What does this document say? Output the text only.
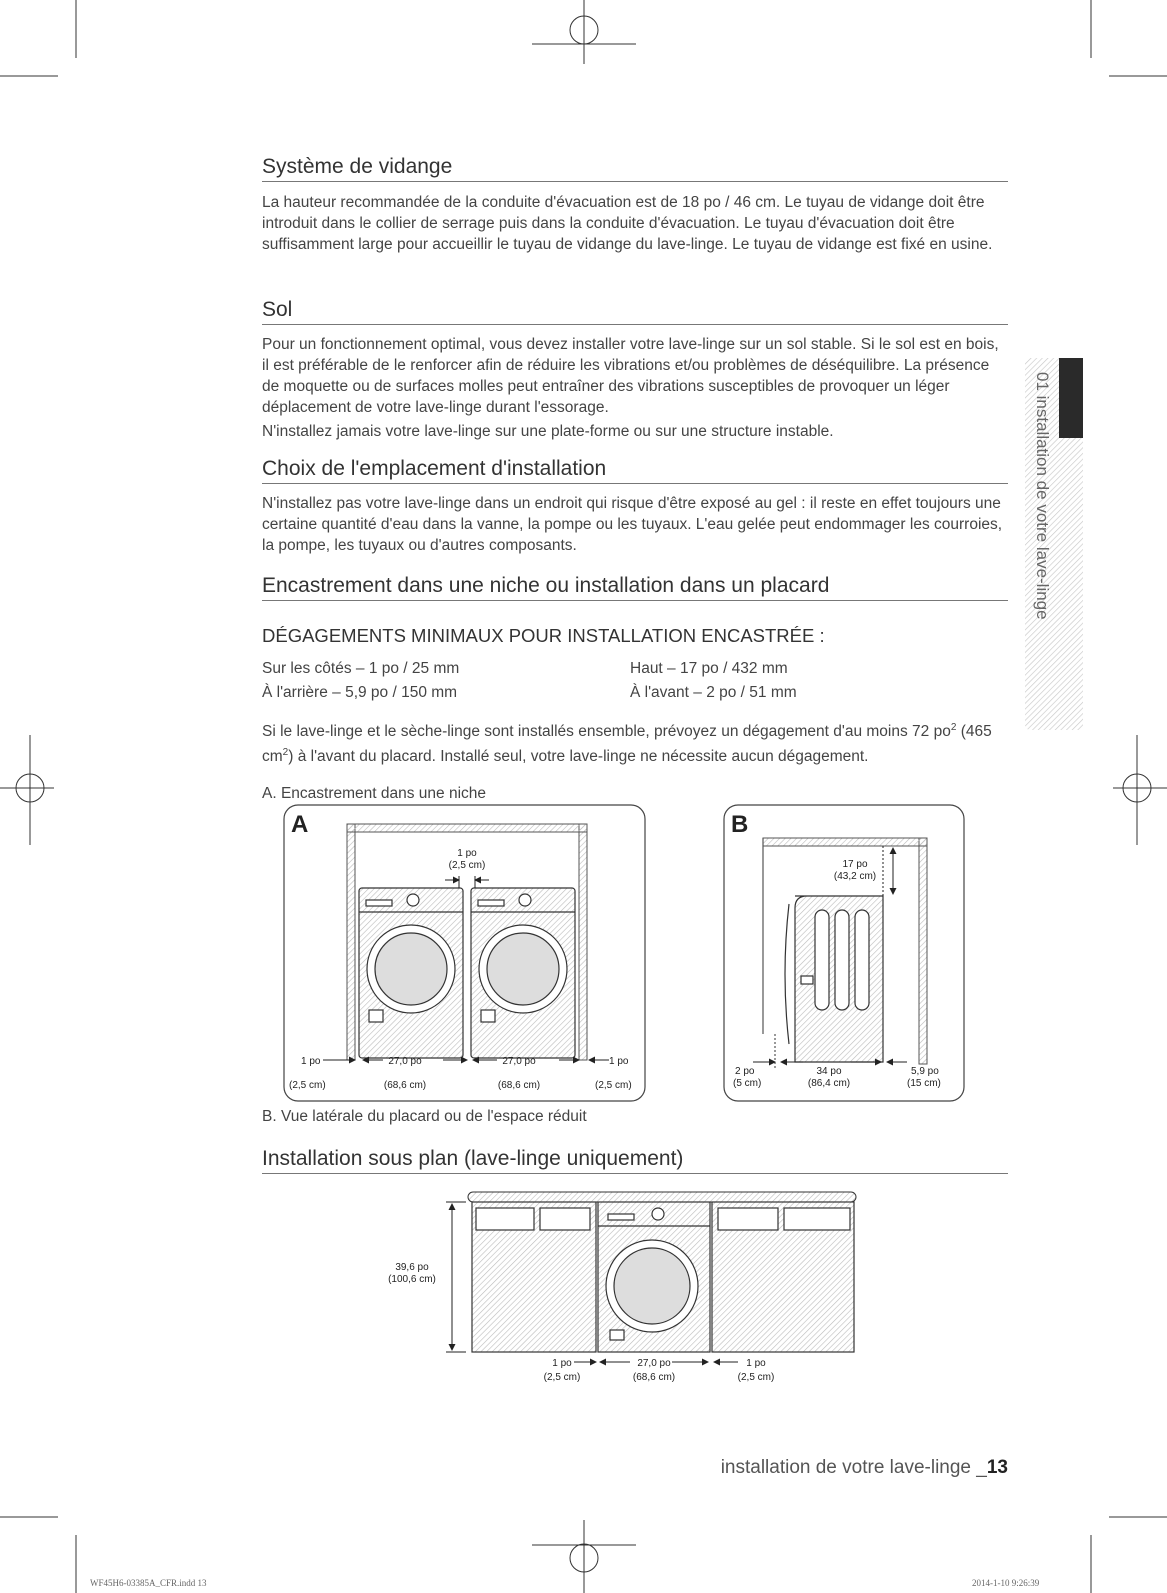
Système de vidange

La hauteur recommandée de la conduite d'évacuation est de 18 po / 46 cm. Le tuyau de vidange doit être introduit dans le collier de serrage puis dans la conduite d'évacuation. Le tuyau d'évacuation doit être suffisamment large pour accueillir le tuyau de vidange du lave-linge. Le tuyau de vidange est fixé en usine.

Sol

Pour un fonctionnement optimal, vous devez installer votre lave-linge sur un sol stable. Si le sol est en bois, il est préférable de le renforcer afin de réduire les vibrations et/ou problèmes de déséquilibre. La présence de moquette ou de surfaces molles peut entraîner des vibrations susceptibles de provoquer un léger déplacement de votre lave-linge durant l'essorage.

N'installez jamais votre lave-linge sur une plate-forme ou sur une structure instable.

Choix de l'emplacement d'installation

N'installez pas votre lave-linge dans un endroit qui risque d'être exposé au gel : il reste en effet toujours une certaine quantité d'eau dans la vanne, la pompe ou les tuyaux. L'eau gelée peut endommager les courroies, la pompe, les tuyaux ou d'autres composants.

Encastrement dans une niche ou installation dans un placard
DÉGAGEMENTS MINIMAUX POUR INSTALLATION ENCASTRÉE :
Sur les côtés – 1 po / 25 mm
À l'arrière – 5,9 po / 150 mm
Haut – 17 po / 432 mm
À l'avant – 2 po / 51 mm

Si le lave-linge et le sèche-linge sont installés ensemble, prévoyez un dégagement d'au moins 72 $po^2$ (465 $cm^2$) à l'avant du placard. Installé seul, votre lave-linge ne nécessite aucun dégagement.

A. Encastrement dans une niche
A
1 po
(2,5 cm)
1 po
(2,5 cm)
27,0 po
(68,6 cm)
27,0 po
(68,6 cm)
1 po
(2,5 cm)
B
17 po
(43,2 cm)
2 po
(5 cm)
34 po
(86,4 cm)
5,9 po
(15 cm)
B. Vue latérale du placard ou de l'espace réduit
Installation sous plan (lave-linge uniquement)
39,6 po
(100,6 cm)
1 po
(2,5 cm)
27,0 po
(68,6 cm)
1 po
(2,5 cm)
01 installation de votre lave-linge
installation de votre lave-linge _13
WF45H6-03385A_CFR.indd 13	2014-1-10 9:26:39
